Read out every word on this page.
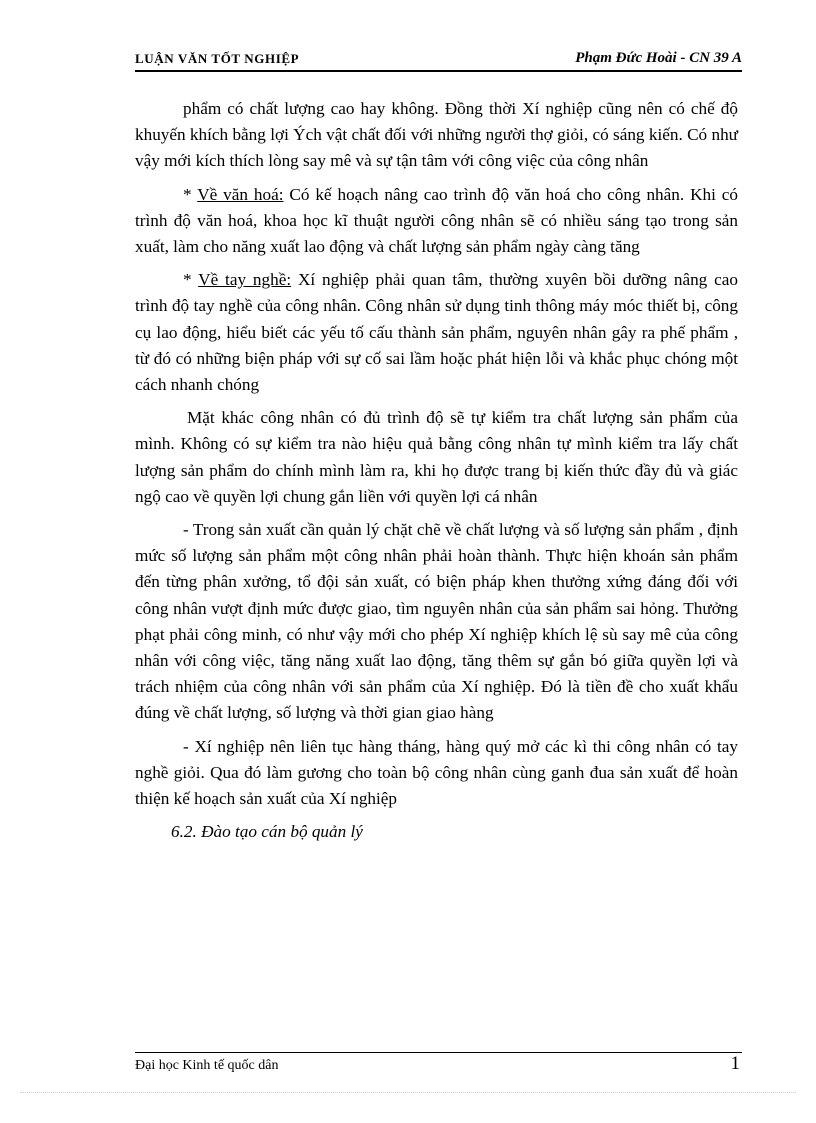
LUẬN VĂN TỐT NGHIỆP	Phạm Đức Hoài - CN 39 A

phẩm có chất lượng cao hay không. Đồng thời Xí nghiệp cũng nên có chế độ khuyến khích bằng lợi Ých vật chất đối với những người thợ giỏi, có sáng kiến. Có như vậy mới kích thích lòng say mê và sự tận tâm với công việc của công nhân

* Về văn hoá: Có kế hoạch nâng cao trình độ văn hoá cho công nhân. Khi có trình độ văn hoá, khoa học kĩ thuật người công nhân sẽ có nhiều sáng tạo trong sản xuất, làm cho năng xuất lao động và chất lượng sản phẩm ngày càng tăng

* Về tay nghề: Xí nghiệp phải quan tâm, thường xuyên bồi dưỡng nâng cao trình độ tay nghề của công nhân. Công nhân sử dụng tinh thông máy móc thiết bị, công cụ lao động, hiểu biết các yếu tố cấu thành sản phẩm, nguyên nhân gây ra phế phẩm , từ đó có những biện pháp với sự cố sai lầm hoặc phát hiện lỗi và khắc phục chóng một cách nhanh chóng

Mặt khác công nhân có đủ trình độ sẽ tự kiểm tra chất lượng sản phẩm của mình. Không có sự kiểm tra nào hiệu quả bằng công nhân tự mình kiểm tra lấy chất lượng sản phẩm do chính mình làm ra, khi họ được trang bị kiến thức đầy đủ và giác ngộ cao về quyền lợi chung gắn liền với quyền lợi cá nhân

- Trong sản xuất cần quản lý chặt chẽ về chất lượng và số lượng sản phẩm , định mức số lượng sản phẩm một công nhân phải hoàn thành. Thực hiện khoán sản phẩm đến từng phân xưởng, tổ đội sản xuất, có biện pháp khen thưởng xứng đáng đối với công nhân vượt định mức được giao, tìm nguyên nhân của sản phẩm sai hỏng. Thưởng phạt phải công minh, có như vậy mới cho phép Xí nghiệp khích lệ sù say mê của công nhân với công việc, tăng năng xuất lao động, tăng thêm sự gắn bó giữa quyền lợi và trách nhiệm của công nhân với sản phẩm của Xí nghiệp. Đó là tiền đề cho xuất khẩu đúng về chất lượng, số lượng và thời gian giao hàng

- Xí nghiệp nên liên tục hàng tháng, hàng quý mở các kì thi công nhân có tay nghề giỏi. Qua đó làm gương cho toàn bộ công nhân cùng ganh đua sản xuất để hoàn thiện kế hoạch sản xuất của Xí nghiệp

6.2. Đào tạo cán bộ quản lý

Đại học Kinh tế quốc dân	1
